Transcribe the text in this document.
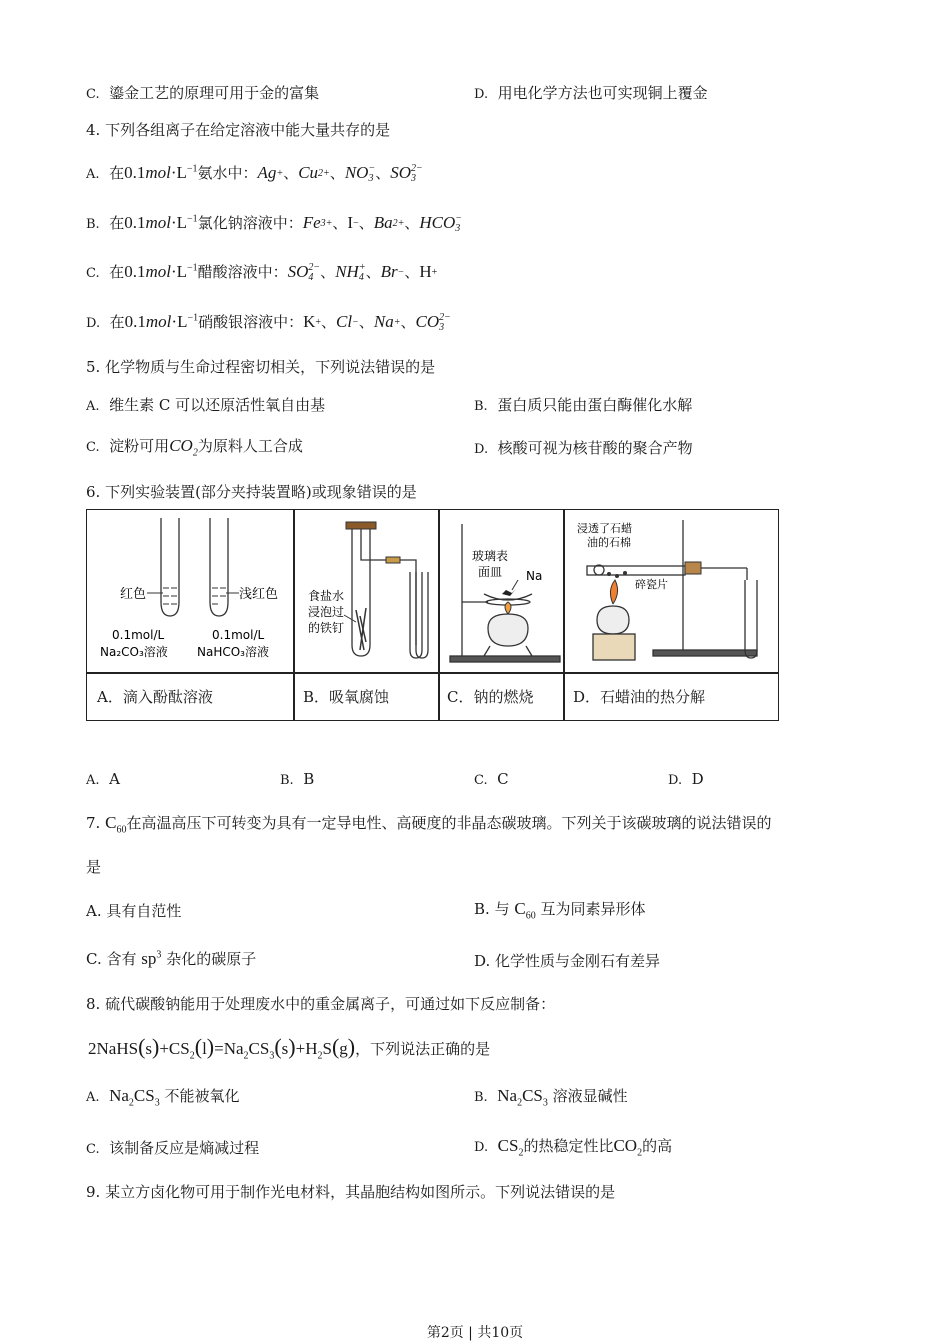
C. 鎏金工艺的原理可用于金的富集	D. 用电化学方法也可实现铜上覆金
4. 下列各组离子在给定溶液中能大量共存的是
A. 在$0.1mol\cdot L^{-1}$氨水中：Ag + 、Cu 2+ 、NO −
3 、SO 2−
3
B. 在$0.1mol\cdot L^{-1}$氯化钠溶液中：Fe 3+ 、I − 、Ba 2+ 、HCO −
3
C. 在$0.1mol\cdot L^{-1}$醋酸溶液中：SO 2−
4 、NH +
4 、Br − 、H +
D. 在$0.1mol\cdot L^{-1}$硝酸银溶液中：K + 、Cl − 、Na + 、CO 2−
3
5. 化学物质与生命过程密切相关，下列说法错误的是
A. 维生素 C 可以还原活性氧自由基	B. 蛋白质只能由蛋白酶催化水解
C. 淀粉可用$CO_2$为原料人工合成	D. 核酸可视为核苷酸的聚合产物
6. 下列实验装置(部分夹持装置略)或现象错误的是
红色	浅红色
0.1mol/L
Na₂CO₃溶液
0.1mol/L
NaHCO₃溶液
食盐水
浸泡过
的铁钉
玻璃表
面皿 Na
浸透了石蜡
油的石棉
碎瓷片
A．滴入酚酞溶液	B．吸氧腐蚀	C．钠的燃烧	D．石蜡油的热分解
A. A	B. B	C. C	D. D
7. $C_{60}$在高温高压下可转变为具有一定导电性、高硬度的非晶态碳玻璃。下列关于该碳玻璃的说法错误的
是
A. 具有自范性	B. 与 $C_{60}$ 互为同素异形体
C. 含有 $sp^3$ 杂化的碳原子	D. 化学性质与金刚石有差异
8. 硫代碳酸钠能用于处理废水中的重金属离子，可通过如下反应制备：
$2NaHS(s)+CS_2(l)=Na_2CS_3(s)+H_2S(g)$，下列说法正确的是
A. $Na_2CS_3$ 不能被氧化	B. $Na_2CS_3$ 溶液显碱性
C. 该制备反应是熵减过程	D. $CS_2$的热稳定性比$CO_2$的高
9. 某立方卤化物可用于制作光电材料，其晶胞结构如图所示。下列说法错误的是
第2页 | 共10页
